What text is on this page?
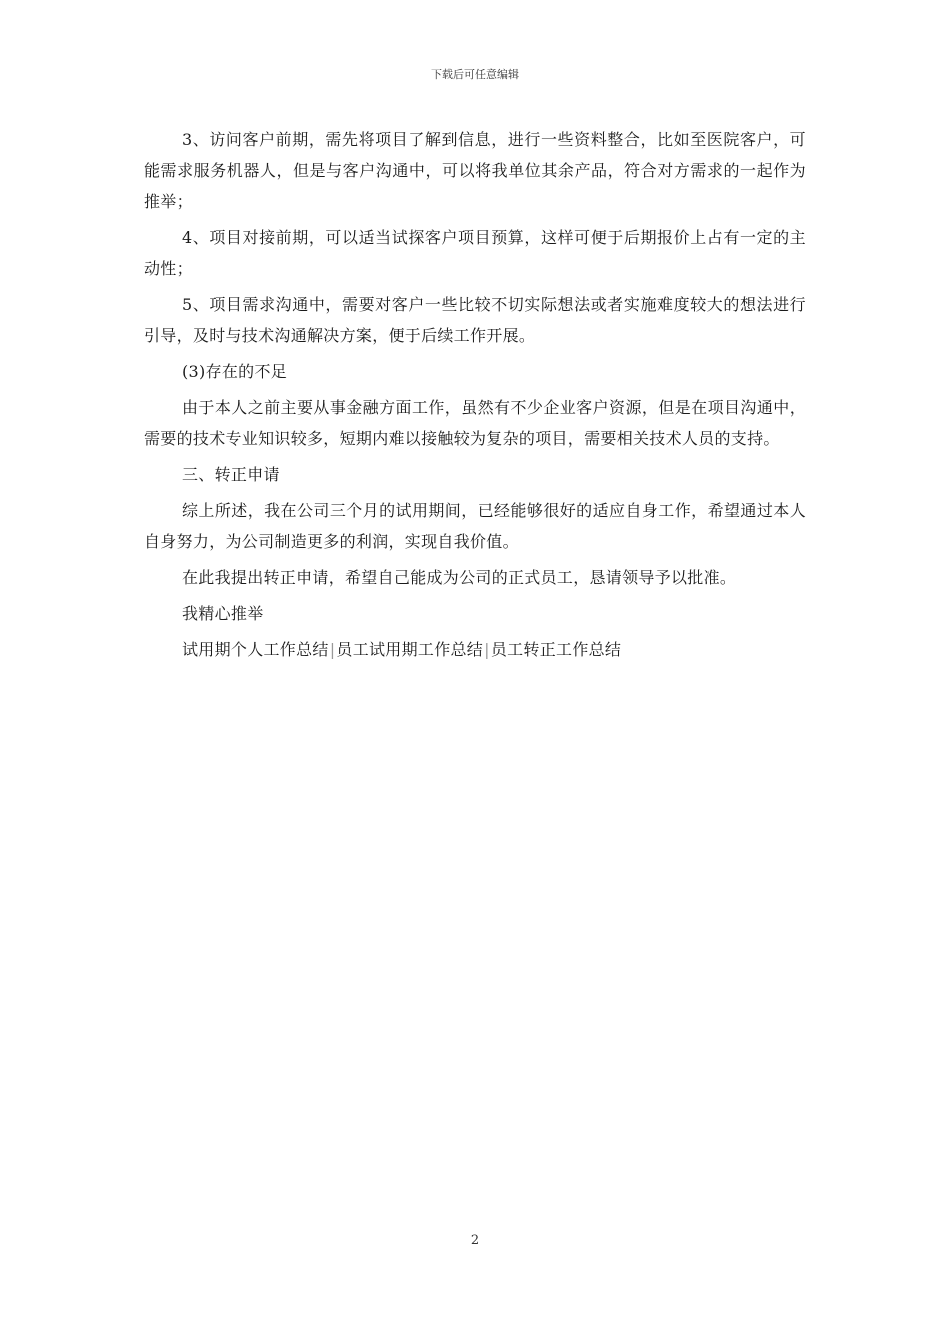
下载后可任意编辑

3、访问客户前期，需先将项目了解到信息，进行一些资料整合，比如至医院客户，可能需求服务机器人，但是与客户沟通中，可以将我单位其余产品，符合对方需求的一起作为推举；

4、项目对接前期，可以适当试探客户项目预算，这样可便于后期报价上占有一定的主动性；

5、项目需求沟通中，需要对客户一些比较不切实际想法或者实施难度较大的想法进行引导，及时与技术沟通解决方案，便于后续工作开展。

(3)存在的不足

由于本人之前主要从事金融方面工作，虽然有不少企业客户资源，但是在项目沟通中，需要的技术专业知识较多，短期内难以接触较为复杂的项目，需要相关技术人员的支持。

三、转正申请

综上所述，我在公司三个月的试用期间，已经能够很好的适应自身工作，希望通过本人自身努力，为公司制造更多的利润，实现自我价值。

在此我提出转正申请，希望自己能成为公司的正式员工，恳请领导予以批准。

我精心推举

试用期个人工作总结|员工试用期工作总结|员工转正工作总结

2
